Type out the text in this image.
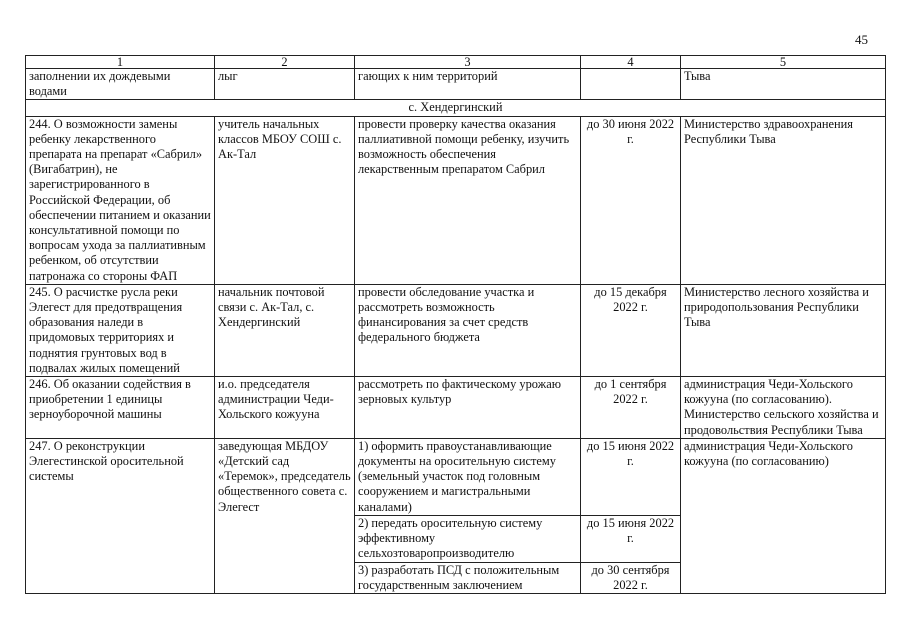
45
1	2	3	4	5
заполнении их дождевыми водами	лыг	гающих к ним территорий		Тыва
с. Хендергинский				
244. О возможности замены ребенку лекарственного препарата на препарат «Сабрил» (Вигабатрин), не зарегистрированного в Российской Федерации, об обеспечении питанием и оказании консультативной помощи по вопросам ухода за паллиативным ребенком, об отсутствии патронажа со стороны ФАП	учитель начальных классов МБОУ СОШ с. Ак-Тал	провести проверку качества оказания паллиативной помощи ребенку, изучить возможность обеспечения лекарственным препаратом Сабрил	до 30 июня 2022 г.	Министерство здравоохранения Республики Тыва
245. О расчистке русла реки Элегест для предотвращения образования наледи в придомовых территориях и поднятия грунтовых вод в подвалах жилых помещений	начальник почтовой связи с. Ак-Тал, с. Хендергинский	провести обследование участка и рассмотреть возможность финансирования за счет средств федерального бюджета	до 15 декабря 2022 г.	Министерство лесного хозяйства и природопользования Республики Тыва
246. Об оказании содействия в приобретении 1 единицы зерноуборочной машины	и.о. председателя администрации Чеди-Хольского кожууна	рассмотреть по фактическому урожаю зерновых культур	до 1 сентября 2022 г.	администрация Чеди-Хольского кожууна (по согласованию). Министерство сельского хозяйства и продовольствия Республики Тыва
247. О реконструкции Элегестинской оросительной системы	заведующая МБДОУ «Детский сад «Теремок», председатель общественного совета с. Элегест	1) оформить правоустанавливающие документы на оросительную систему (земельный участок под головным сооружением и магистральными каналами)	до 15 июня 2022 г.	администрация Чеди-Хольского кожууна (по согласованию)
		2) передать оросительную систему эффективному сельхозтоваропроизводителю	до 15 июня 2022 г.	
		3) разработать ПСД с положительным государственным заключением	до 30 сентября 2022 г.	
